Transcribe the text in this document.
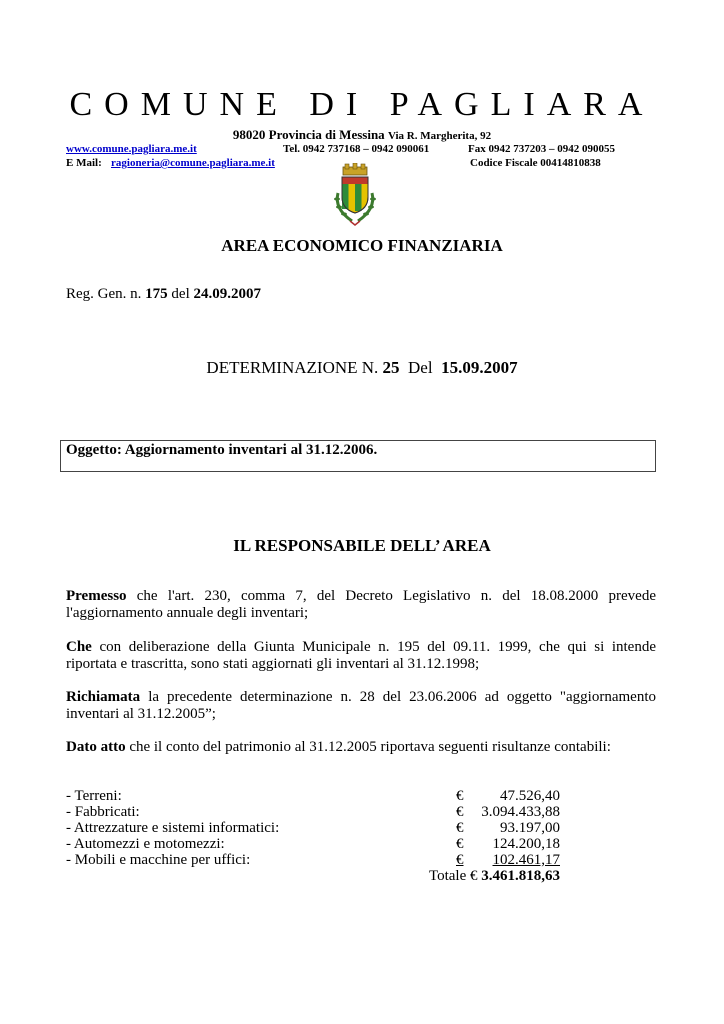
COMUNE DI PAGLIARA
98020 Provincia di Messina Via R. Margherita, 92
www.comune.pagliara.me.it	Tel. 0942 737168 – 0942 090061	Fax 0942 737203 – 0942 090055
E Mail: ragioneria@comune.pagliara.me.it	Codice Fiscale 00414810838
AREA ECONOMICO FINANZIARIA
Reg. Gen. n. 175 del 24.09.2007
DETERMINAZIONE N. 25 Del 15.09.2007
Oggetto: Aggiornamento inventari al 31.12.2006.
IL RESPONSABILE DELL’ AREA
Premesso che l'art. 230, comma 7, del Decreto Legislativo n. del 18.08.2000 prevede l'aggiornamento annuale degli inventari;
Che con deliberazione della Giunta Municipale n. 195 del 09.11. 1999, che qui si intende riportata e trascritta, sono stati aggiornati gli inventari al 31.12.1998;
Richiamata la precedente determinazione n. 28 del 23.06.2006 ad oggetto "aggiornamento inventari al 31.12.2005”;
Dato atto che il conto del patrimonio al 31.12.2005 riportava seguenti risultanze contabili:
- Terreni:	€ 47.526,40
- Fabbricati:	€ 3.094.433,88
- Attrezzature e sistemi informatici:	€ 93.197,00
- Automezzi e motomezzi:	€ 124.200,18
- Mobili e macchine per uffici:	€ 102.461,17
Totale € 3.461.818,63
